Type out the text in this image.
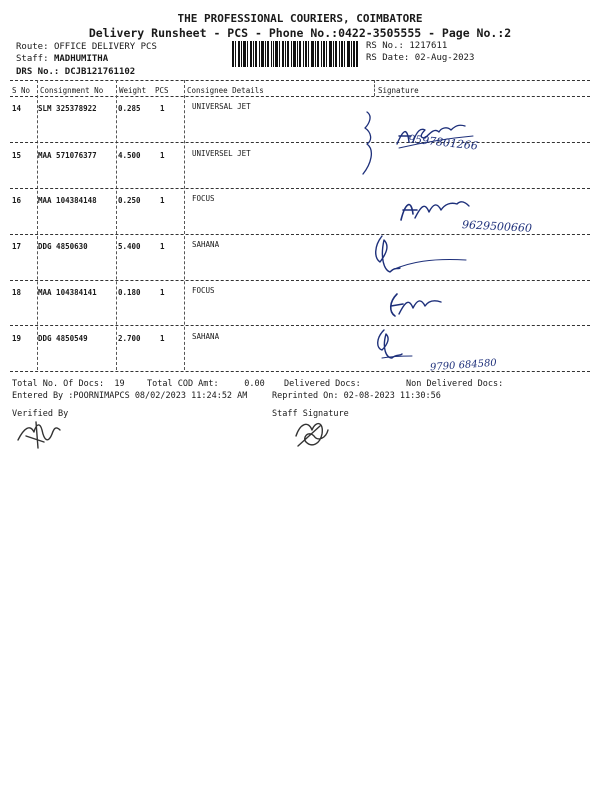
THE PROFESSIONAL COURIERS, COIMBATORE
Delivery Runsheet - PCS - Phone No.:0422-3505555 - Page No.:2
Route: OFFICE DELIVERY PCS
Staff: MADHUMITHA
DRS No.: DCJB121761102
RS No.: 1217611
RS Date: 02-Aug-2023
S No Consignment No Weight PCS Consignee Details	Signature
14 SLM 325378922	0.285	1	UNIVERSAL JET
15 MAA 571076377	4.500	1	UNIVERSEL JET
16 MAA 104384148	0.250	1	FOCUS
17 DDG 4850630	5.400	1	SAHANA
18 MAA 104384141	0.180	1	FOCUS
19 DDG 4850549	2.700	1	SAHANA
9597801266
9629500660
9790 684580
Total No. Of Docs:  19	Total COD Amt:     0.00 Delivered Docs:	Non Delivered Docs:
Entered By :POORNIMAPCS 08/02/2023 11:24:52 AM	Reprinted On: 02-08-2023 11:30:56
Verified By	Staff Signature
